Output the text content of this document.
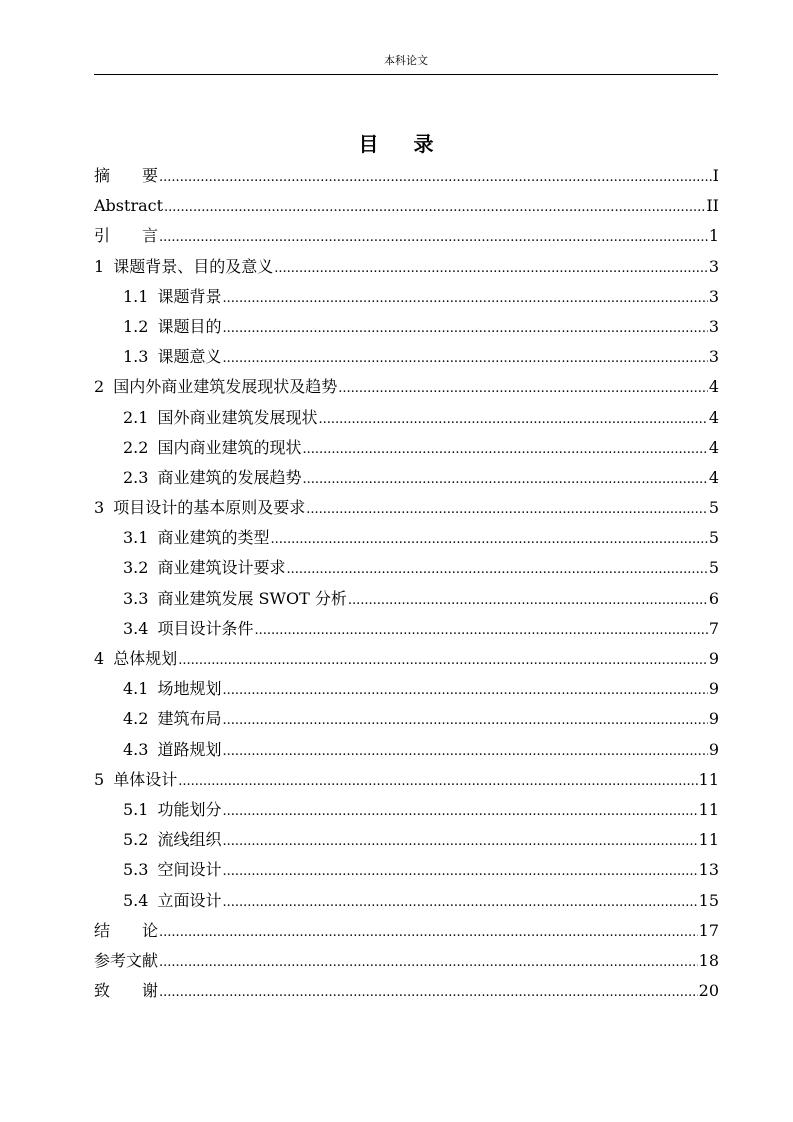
本科论文
目 录
摘 要 .....	I
Abstract .....	II
引 言 .....	1
1 课题背景、目的及意义 .....	3
1.1 课题背景 .....	3
1.2 课题目的 .....	3
1.3 课题意义 .....	3
2 国内外商业建筑发展现状及趋势 .....	4
2.1 国外商业建筑发展现状 .....	4
2.2 国内商业建筑的现状 .....	4
2.3 商业建筑的发展趋势 .....	4
3 项目设计的基本原则及要求 .....	5
3.1 商业建筑的类型 .....	5
3.2 商业建筑设计要求 .....	5
3.3 商业建筑发展 SWOT 分析 .....	6
3.4 项目设计条件 .....	7
4 总体规划 .....	9
4.1 场地规划 .....	9
4.2 建筑布局 .....	9
4.3 道路规划 .....	9
5 单体设计 .....	11
5.1 功能划分 .....	11
5.2 流线组织 .....	11
5.3 空间设计 .....	13
5.4 立面设计 .....	15
结 论 .....	17
参考文献 .....	18
致 谢 .....	20
